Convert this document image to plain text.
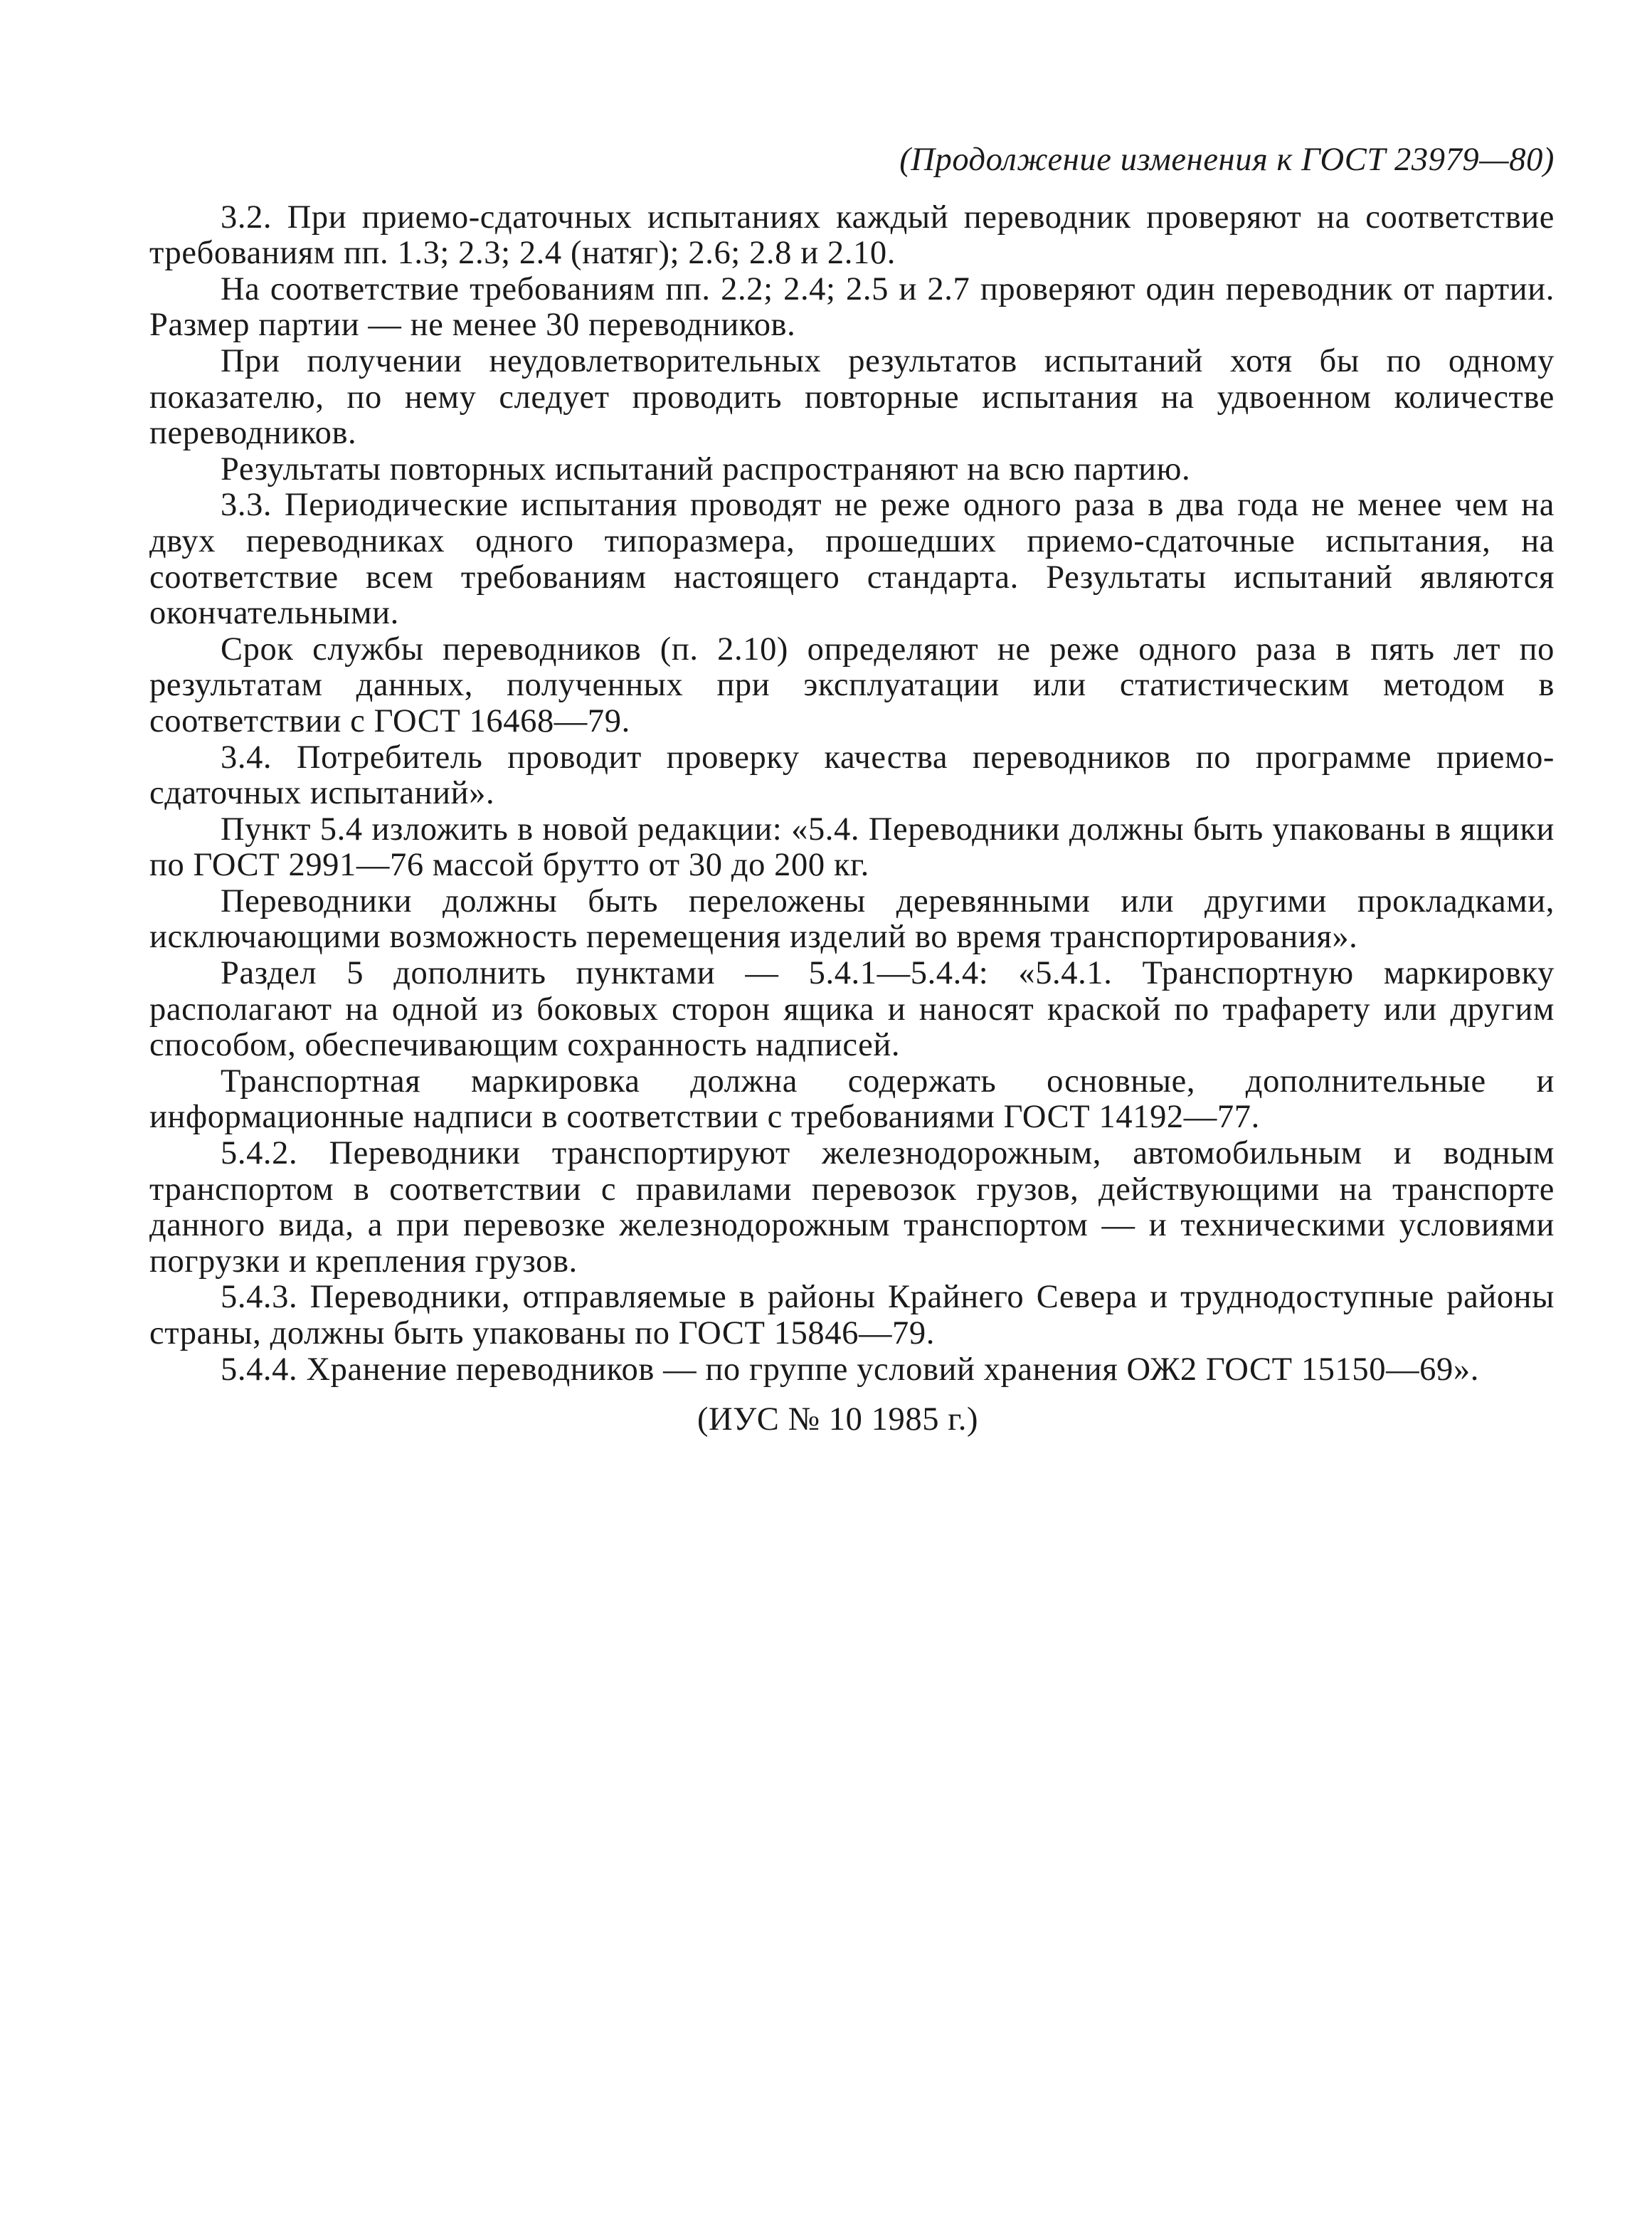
(Продолжение изменения к ГОСТ 23979—80)

3.2. При приемо-сдаточных испытаниях каждый переводник проверяют на соответствие требованиям пп. 1.3; 2.3; 2.4 (натяг); 2.6; 2.8 и 2.10.

На соответствие требованиям пп. 2.2; 2.4; 2.5 и 2.7 проверяют один переводник от партии. Размер партии — не менее 30 переводников.

При получении неудовлетворительных результатов испытаний хотя бы по одному показателю, по нему следует проводить повторные испытания на удвоенном количестве переводников.

Результаты повторных испытаний распространяют на всю партию.

3.3. Периодические испытания проводят не реже одного раза в два года не менее чем на двух переводниках одного типоразмера, прошедших приемо-сдаточные испытания, на соответствие всем требованиям настоящего стандарта. Результаты испытаний являются окончательными.

Срок службы переводников (п. 2.10) определяют не реже одного раза в пять лет по результатам данных, полученных при эксплуатации или статистическим методом в соответствии с ГОСТ 16468—79.

3.4. Потребитель проводит проверку качества переводников по программе приемо-сдаточных испытаний».

Пункт 5.4 изложить в новой редакции: «5.4. Переводники должны быть упакованы в ящики по ГОСТ 2991—76 массой брутто от 30 до 200 кг.

Переводники должны быть переложены деревянными или другими прокладками, исключающими возможность перемещения изделий во время транспортирования».

Раздел 5 дополнить пунктами — 5.4.1—5.4.4: «5.4.1. Транспортную маркировку располагают на одной из боковых сторон ящика и наносят краской по трафарету или другим способом, обеспечивающим сохранность надписей.

Транспортная маркировка должна содержать основные, дополнительные и информационные надписи в соответствии с требованиями ГОСТ 14192—77.

5.4.2. Переводники транспортируют железнодорожным, автомобильным и водным транспортом в соответствии с правилами перевозок грузов, действующими на транспорте данного вида, а при перевозке железнодорожным транспортом — и техническими условиями погрузки и крепления грузов.

5.4.3. Переводники, отправляемые в районы Крайнего Севера и труднодоступные районы страны, должны быть упакованы по ГОСТ 15846—79.

5.4.4. Хранение переводников — по группе условий хранения ОЖ2 ГОСТ 15150—69».

(ИУС № 10 1985 г.)
